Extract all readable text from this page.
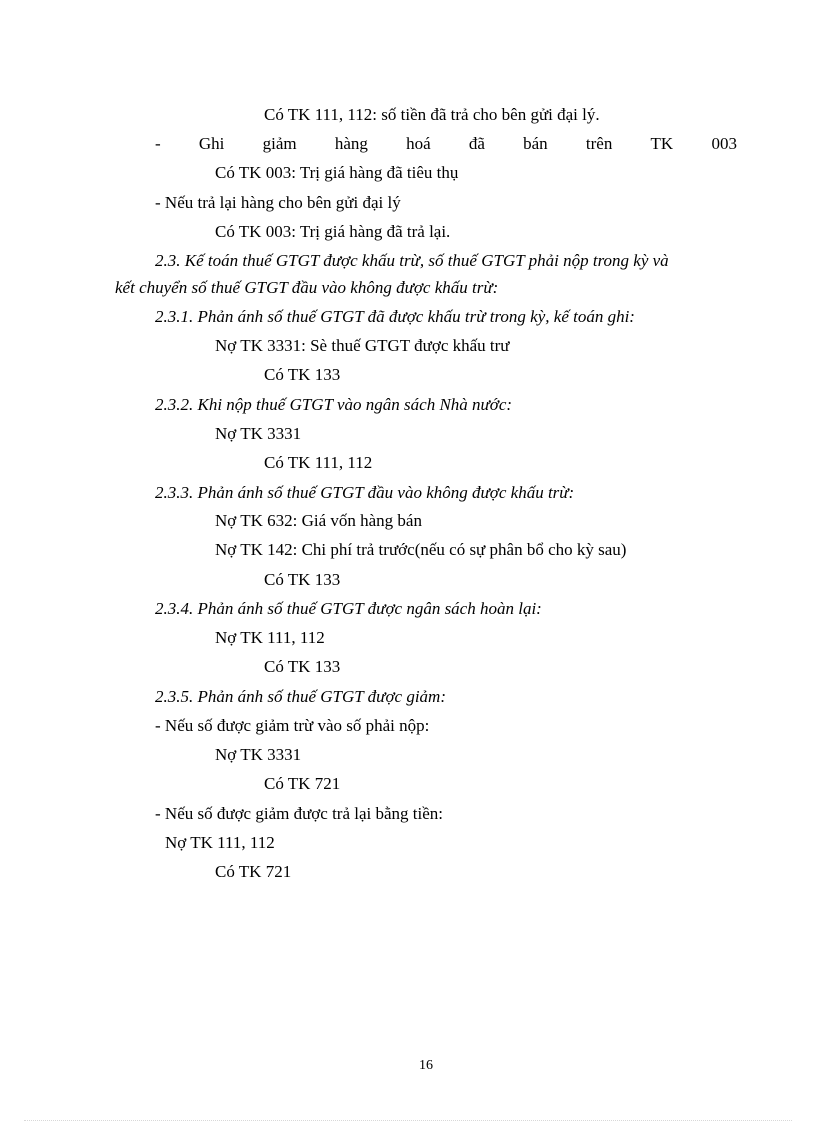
Có TK 111, 112: số tiền đã trả cho bên gửi đại lý.
- Ghi giảm hàng hoá đã bán trên TK 003
Có TK 003: Trị giá hàng đã tiêu thụ
- Nếu trả lại hàng cho bên gửi đại lý
Có TK 003: Trị giá hàng đã trả lại.
2.3. Kế toán thuế GTGT được khấu trừ, số thuế GTGT phải nộp trong kỳ và
kết chuyển số thuế GTGT đầu vào không được khấu trừ:
2.3.1. Phản ánh số thuế GTGT đã được khấu trừ trong kỳ, kế toán ghi:
Nợ TK 3331: Sè thuế GTGT được khấu trư
Có TK 133
2.3.2. Khi nộp thuế GTGT vào ngân sách Nhà nước:
Nợ TK 3331
Có TK 111, 112
2.3.3. Phản ánh số thuế GTGT đầu vào không được khấu trừ:
Nợ TK 632: Giá vốn hàng bán
Nợ TK 142: Chi phí trả trước(nếu có sự phân bổ cho kỳ sau)
Có TK 133
2.3.4. Phản ánh số thuế GTGT được ngân sách hoàn lại:
Nợ TK 111, 112
Có TK 133
2.3.5. Phản ánh số thuế GTGT được giảm:
- Nếu số được giảm trừ vào số phải nộp:
Nợ TK 3331
Có TK 721
- Nếu số được giảm được trả lại bằng tiền:
Nợ TK 111, 112
Có TK 721
16
